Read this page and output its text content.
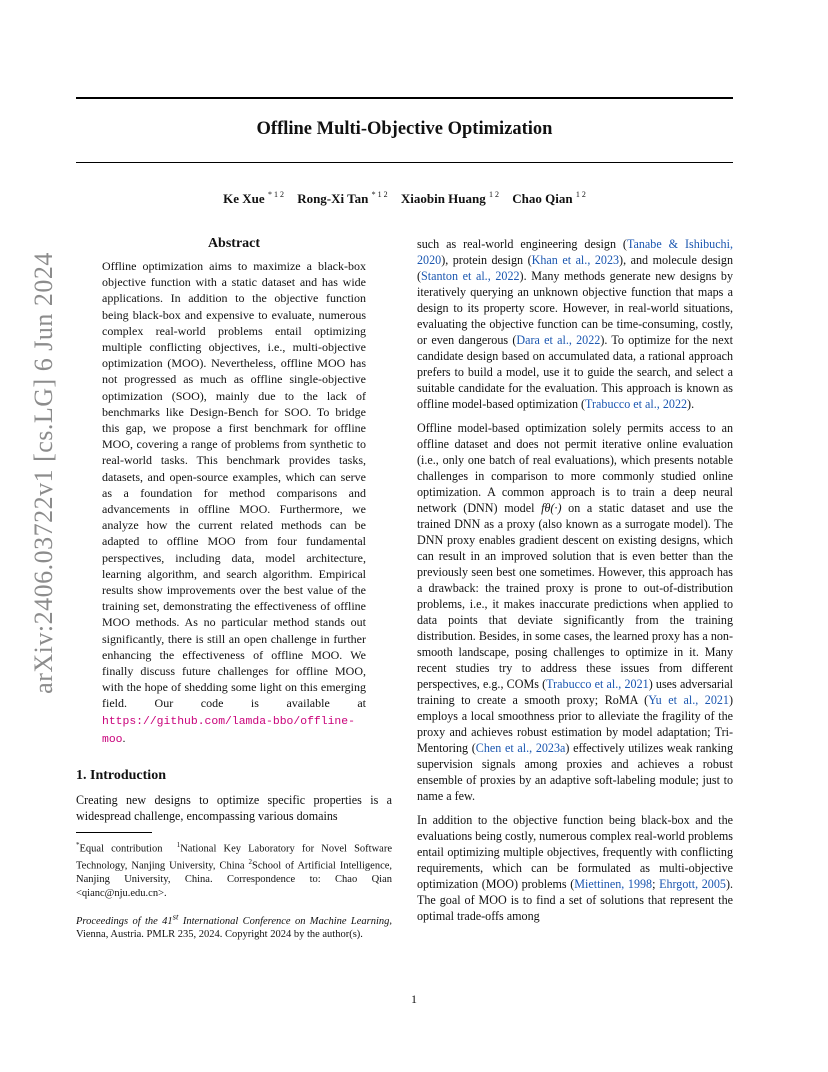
Offline Multi-Objective Optimization
Ke Xue $^{* 1 2}$ Rong-Xi Tan $^{* 1 2}$ Xiaobin Huang $^{1 2}$ Chao Qian $^{1 2}$
arXiv:2406.03722v1 [cs.LG] 6 Jun 2024
Abstract
Offline optimization aims to maximize a black-box objective function with a static dataset and has wide applications. In addition to the objective function being black-box and expensive to evaluate, numerous complex real-world problems entail optimizing multiple conflicting objectives, i.e., multi-objective optimization (MOO). Nevertheless, offline MOO has not progressed as much as offline single-objective optimization (SOO), mainly due to the lack of benchmarks like Design-Bench for SOO. To bridge this gap, we propose a first benchmark for offline MOO, covering a range of problems from synthetic to real-world tasks. This benchmark provides tasks, datasets, and open-source examples, which can serve as a foundation for method comparisons and advancements in offline MOO. Furthermore, we analyze how the current related methods can be adapted to offline MOO from four fundamental perspectives, including data, model architecture, learning algorithm, and search algorithm. Empirical results show improvements over the best value of the training set, demonstrating the effectiveness of offline MOO methods. As no particular method stands out significantly, there is still an open challenge in further enhancing the effectiveness of offline MOO. We finally discuss future challenges for offline MOO, with the hope of shedding some light on this emerging field. Our code is available at https://github.com/lamda-bbo/offline-moo.
1. Introduction

Creating new designs to optimize specific properties is a widespread challenge, encompassing various domains

*Equal contribution $^1$National Key Laboratory for Novel Software Technology, Nanjing University, China $^2$School of Artificial Intelligence, Nanjing University, China. Correspondence to: Chao Qian <qianc@nju.edu.cn>.
Proceedings of the 41st International Conference on Machine Learning, Vienna, Austria. PMLR 235, 2024. Copyright 2024 by the author(s).

such as real-world engineering design (Tanabe & Ishibuchi, 2020), protein design (Khan et al., 2023), and molecule design (Stanton et al., 2022). Many methods generate new designs by iteratively querying an unknown objective function that maps a design to its property score. However, in real-world situations, evaluating the objective function can be time-consuming, costly, or even dangerous (Dara et al., 2022). To optimize for the next candidate design based on accumulated data, a rational approach prefers to build a model, use it to guide the search, and select a suitable candidate for the evaluation. This approach is known as offline model-based optimization (Trabucco et al., 2022).

Offline model-based optimization solely permits access to an offline dataset and does not permit iterative online evaluation (i.e., only one batch of real evaluations), which presents notable challenges in comparison to more commonly studied online optimization. A common approach is to train a deep neural network (DNN) model fθ(·) on a static dataset and use the trained DNN as a proxy (also known as a surrogate model). The DNN proxy enables gradient descent on existing designs, which can result in an improved solution that is even better than the previously seen best one sometimes. However, this approach has a drawback: the trained proxy is prone to out-of-distribution problems, i.e., it makes inaccurate predictions when applied to data points that deviate significantly from the training distribution. Besides, in some cases, the learned proxy has a non-smooth landscape, posing challenges to optimize in it. Many recent studies try to address these issues from different perspectives, e.g., COMs (Trabucco et al., 2021) uses adversarial training to create a smooth proxy; RoMA (Yu et al., 2021) employs a local smoothness prior to alleviate the fragility of the proxy and achieves robust estimation by model adaptation; Tri-Mentoring (Chen et al., 2023a) effectively utilizes weak ranking supervision signals among proxies and achieves a robust ensemble of proxies by an adaptive soft-labeling module; just to name a few.

In addition to the objective function being black-box and the evaluations being costly, numerous complex real-world problems entail optimizing multiple objectives, frequently with conflicting requirements, which can be formulated as multi-objective optimization (MOO) problems (Miettinen, 1998; Ehrgott, 2005). The goal of MOO is to find a set of solutions that represent the optimal trade-offs among

1
